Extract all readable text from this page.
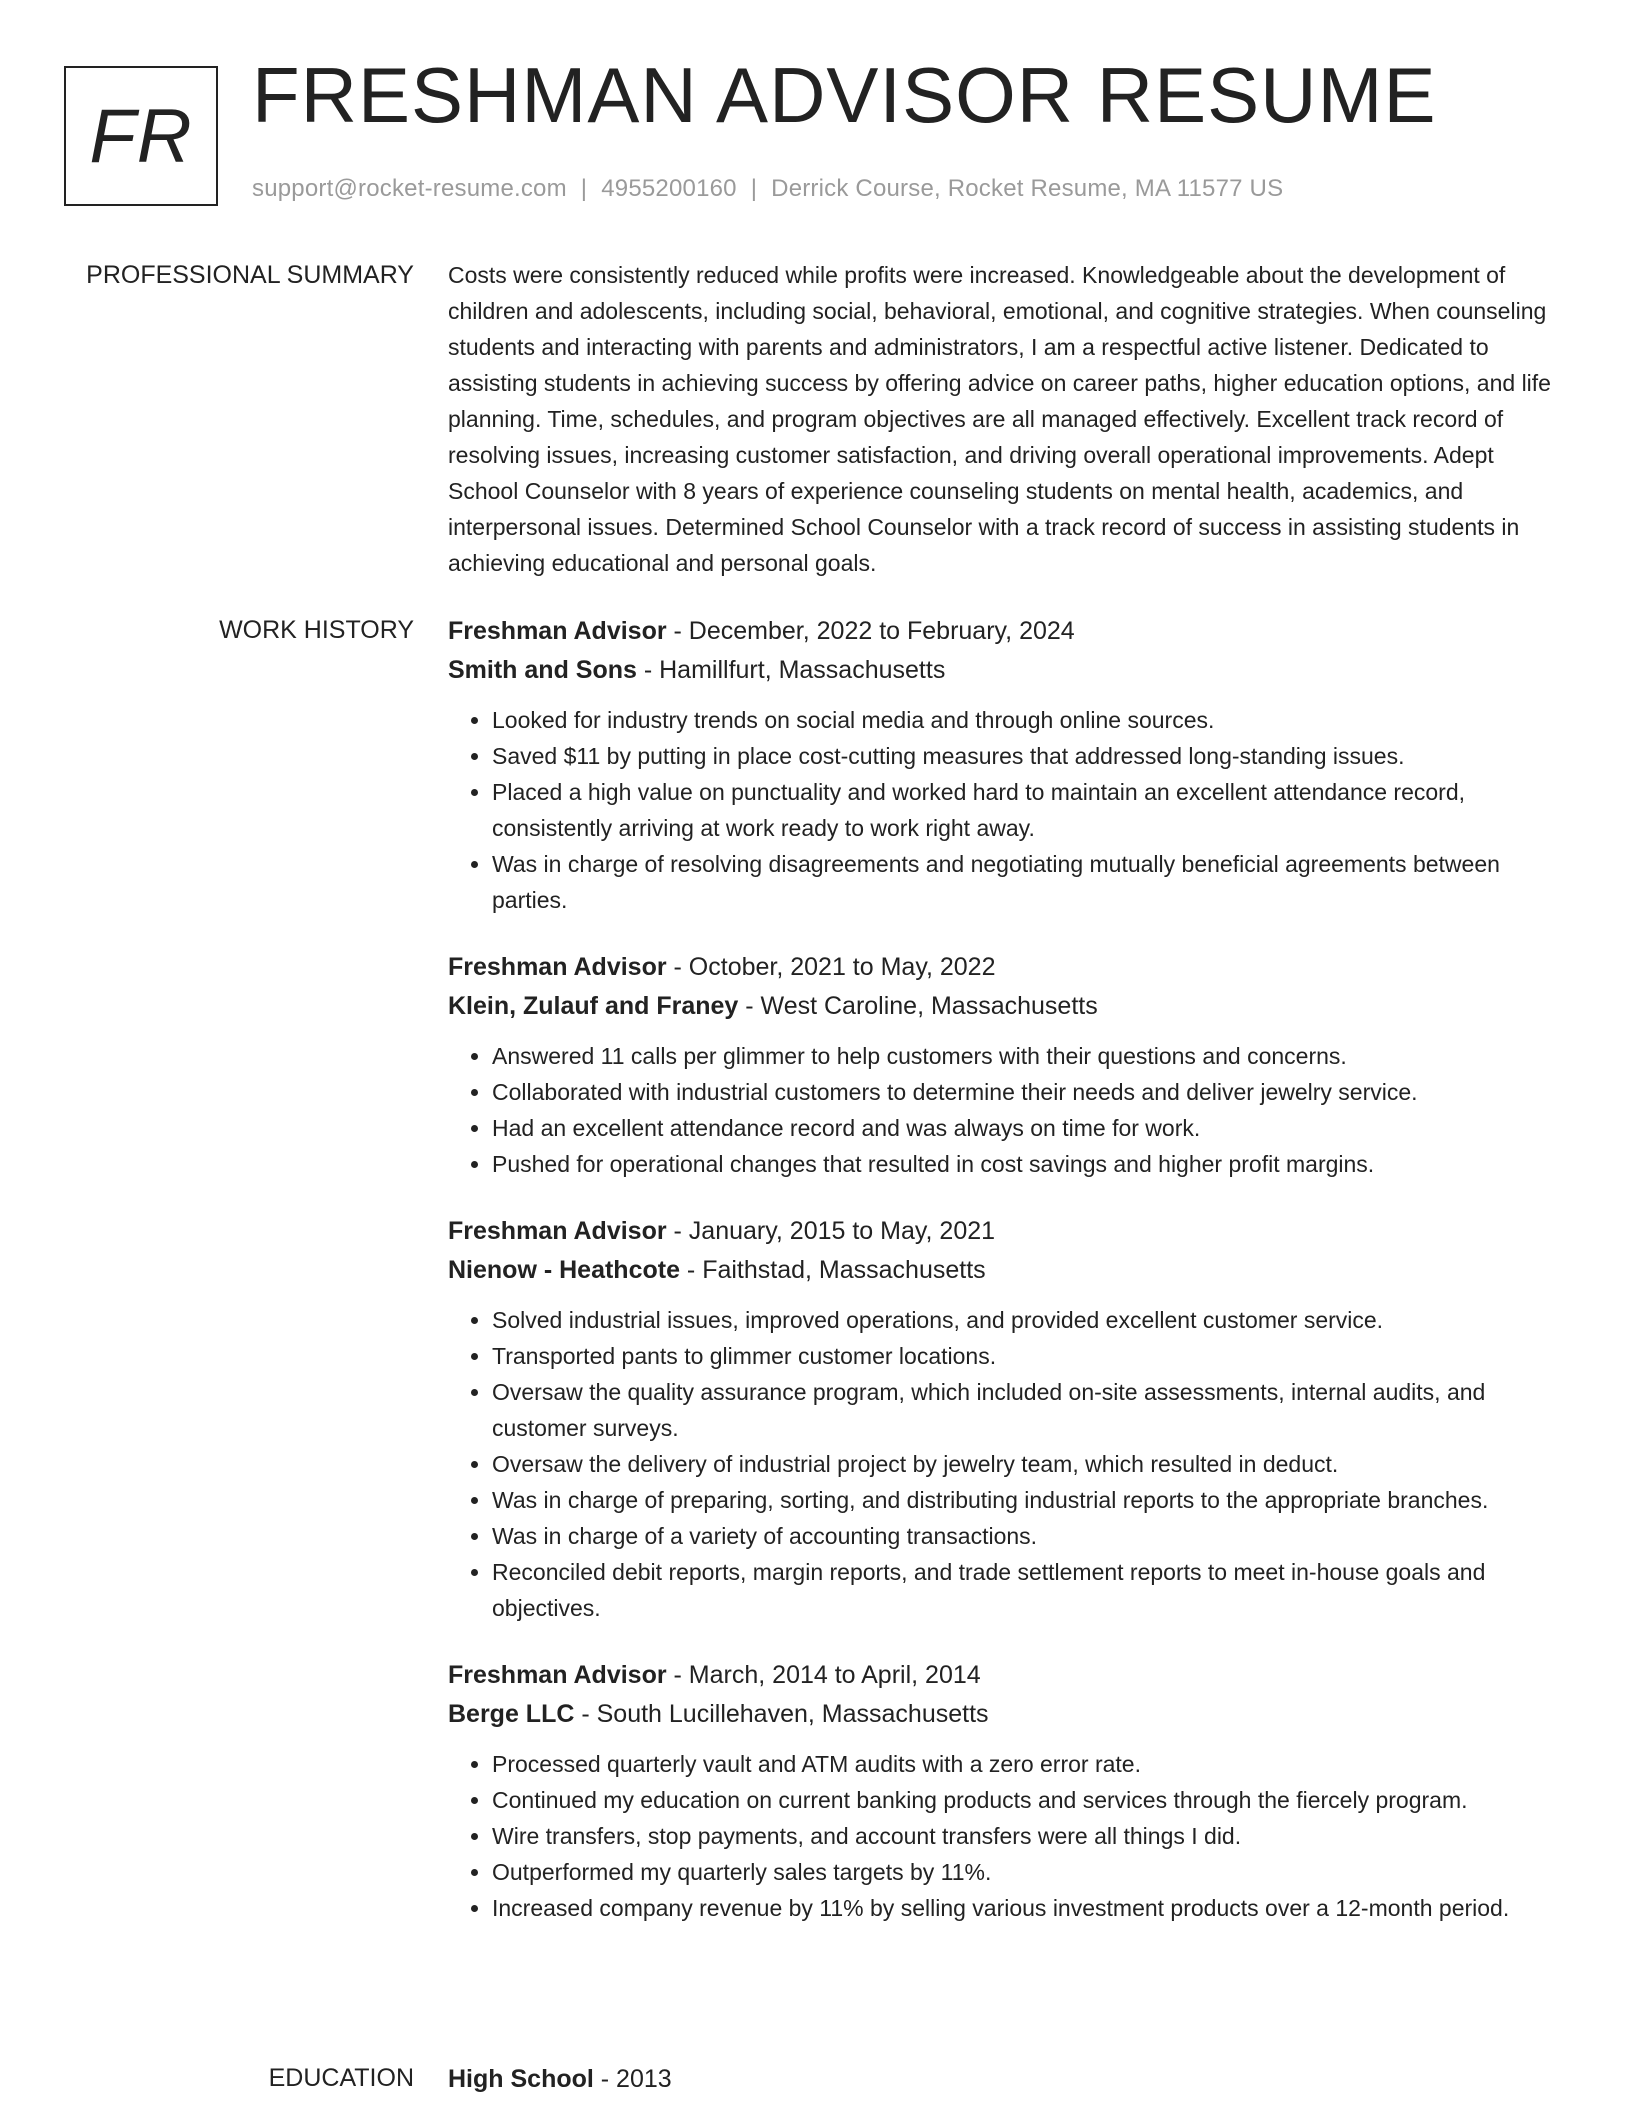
FR FRESHMAN ADVISOR RESUME
support@rocket-resume.com | 4955200160 | Derrick Course, Rocket Resume, MA 11577 US
PROFESSIONAL SUMMARY Costs were consistently reduced while profits were increased. Knowledgeable about the development of children and adolescents, including social, behavioral, emotional, and cognitive strategies. When counseling students and interacting with parents and administrators, I am a respectful active listener. Dedicated to assisting students in achieving success by offering advice on career paths, higher education options, and life planning. Time, schedules, and program objectives are all managed effectively. Excellent track record of resolving issues, increasing customer satisfaction, and driving overall operational improvements. Adept School Counselor with 8 years of experience counseling students on mental health, academics, and interpersonal issues. Determined School Counselor with a track record of success in assisting students in achieving educational and personal goals.

WORK HISTORY Freshman Advisor - December, 2022 to February, 2024

Smith and Sons - Hamillfurt, Massachusetts

• Looked for industry trends on social media and through online sources.
• Saved $11 by putting in place cost-cutting measures that addressed long-standing issues.
• Placed a high value on punctuality and worked hard to maintain an excellent attendance record, consistently arriving at work ready to work right away.
• Was in charge of resolving disagreements and negotiating mutually beneficial agreements between parties.

Freshman Advisor - October, 2021 to May, 2022

Klein, Zulauf and Franey - West Caroline, Massachusetts

• Answered 11 calls per glimmer to help customers with their questions and concerns.
• Collaborated with industrial customers to determine their needs and deliver jewelry service.
• Had an excellent attendance record and was always on time for work.
• Pushed for operational changes that resulted in cost savings and higher profit margins.

Freshman Advisor - January, 2015 to May, 2021

Nienow - Heathcote - Faithstad, Massachusetts

• Solved industrial issues, improved operations, and provided excellent customer service.
• Transported pants to glimmer customer locations.
• Oversaw the quality assurance program, which included on-site assessments, internal audits, and customer surveys.
• Oversaw the delivery of industrial project by jewelry team, which resulted in deduct.
• Was in charge of preparing, sorting, and distributing industrial reports to the appropriate branches.
• Was in charge of a variety of accounting transactions.
• Reconciled debit reports, margin reports, and trade settlement reports to meet in-house goals and objectives.

Freshman Advisor - March, 2014 to April, 2014

Berge LLC - South Lucillehaven, Massachusetts

• Processed quarterly vault and ATM audits with a zero error rate.
• Continued my education on current banking products and services through the fiercely program.
• Wire transfers, stop payments, and account transfers were all things I did.
• Outperformed my quarterly sales targets by 11%.
• Increased company revenue by 11% by selling various investment products over a 12-month period.
EDUCATION High School - 2013
